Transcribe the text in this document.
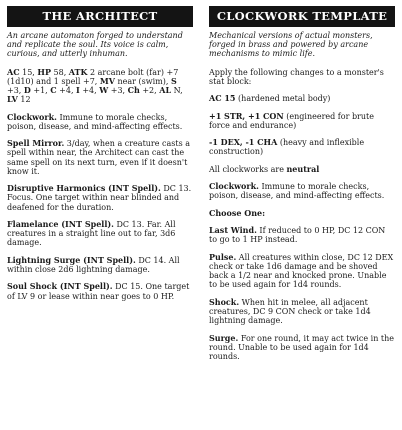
THE ARCHITECT

An arcane automaton forged to understand and replicate the soul. Its voice is calm, curious, and utterly inhuman.

AC 15, HP 58, ATK 2 arcane bolt (far) +7 (1d10) and 1 spell +7, MV near (swim), S +3, D +1, C +4, I +4, W +3, Ch +2, AL N, LV 12

Clockwork. Immune to morale checks, poison, disease, and mind-affecting effects.

Spell Mirror. 3/day, when a creature casts a spell within near, the Architect can cast the same spell on its next turn, even if it doesn't know it.

Disruptive Harmonics (INT Spell). DC 13. Focus. One target within near blinded and deafened for the duration.

Flamelance (INT Spell). DC 13. Far. All creatures in a straight line out to far, 3d6 damage.

Lightning Surge (INT Spell). DC 14. All within close 2d6 lightning damage.

Soul Shock (INT Spell). DC 15. One target of LV 9 or lease within near goes to 0 HP.

CLOCKWORK TEMPLATE

Mechanical versions of actual monsters, forged in brass and powered by arcane mechanisms to mimic life.

Apply the following changes to a monster's stat block:

AC 15 (hardened metal body)

+1 STR, +1 CON (engineered for brute force and endurance)

-1 DEX, -1 CHA (heavy and inflexible construction)

All clockworks are neutral

Clockwork. Immune to morale checks, poison, disease, and mind-affecting effects.

Choose One:

Last Wind. If reduced to 0 HP, DC 12 CON to go to 1 HP instead.

Pulse. All creatures within close, DC 12 DEX check or take 1d6 damage and be shoved back a 1/2 near and knocked prone. Unable to be used again for 1d4 rounds.

Shock. When hit in melee, all adjacent creatures, DC 9 CON check or take 1d4 lightning damage.

Surge. For one round, it may act twice in the round. Unable to be used again for 1d4 rounds.
